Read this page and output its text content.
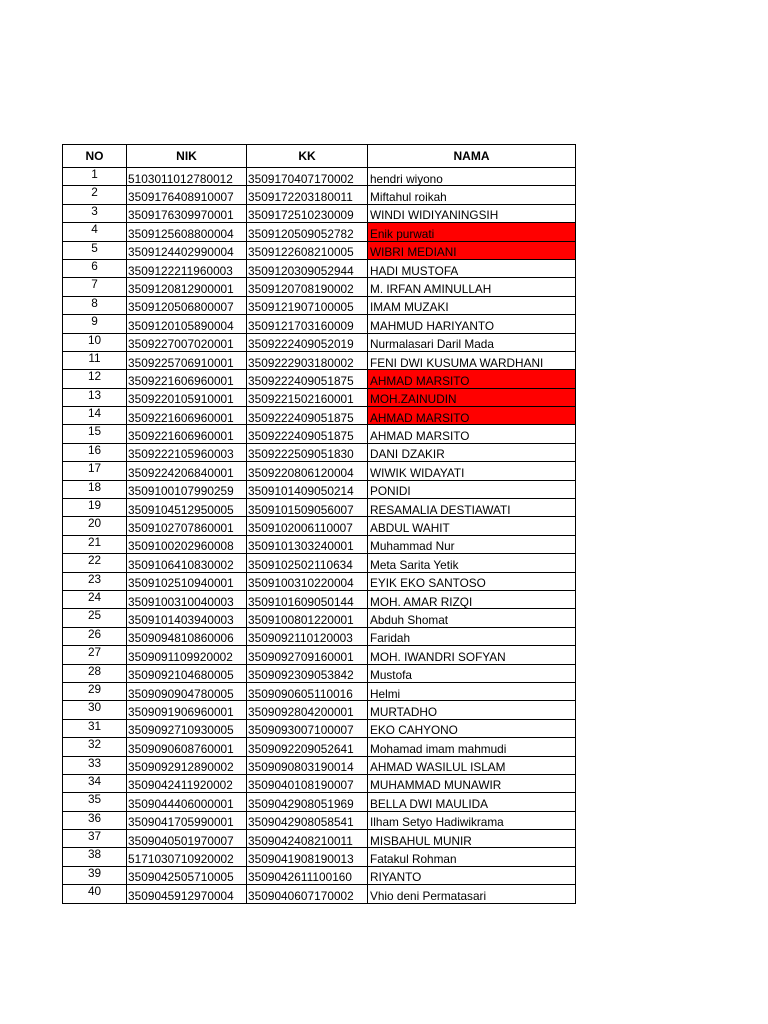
NO	NIK	KK	NAMA
1	5103011012780012	3509170407170002	hendri wiyono
2	3509176408910007	3509172203180011	Miftahul roikah
3	3509176309970001	3509172510230009	WINDI WIDIYANINGSIH
4	3509125608800004	3509120509052782	Enik purwati
5	3509124402990004	3509122608210005	WIBRI MEDIANI
6	3509122211960003	3509120309052944	HADI MUSTOFA
7	3509120812900001	3509120708190002	M. IRFAN AMINULLAH
8	3509120506800007	3509121907100005	IMAM MUZAKI
9	3509120105890004	3509121703160009	MAHMUD HARIYANTO
10	3509227007020001	3509222409052019	Nurmalasari Daril Mada
11	3509225706910001	3509222903180002	FENI DWI KUSUMA WARDHANI
12	3509221606960001	3509222409051875	AHMAD MARSITO
13	3509220105910001	3509221502160001	MOH.ZAINUDIN
14	3509221606960001	3509222409051875	AHMAD MARSITO
15	3509221606960001	3509222409051875	AHMAD MARSITO
16	3509222105960003	3509222509051830	DANI DZAKIR
17	3509224206840001	3509220806120004	WIWIK WIDAYATI
18	3509100107990259	3509101409050214	PONIDI
19	3509104512950005	3509101509056007	RESAMALIA DESTIAWATI
20	3509102707860001	3509102006110007	ABDUL WAHIT
21	3509100202960008	3509101303240001	Muhammad Nur
22	3509106410830002	3509102502110634	Meta Sarita Yetik
23	3509102510940001	3509100310220004	EYIK EKO SANTOSO
24	3509100310040003	3509101609050144	MOH. AMAR RIZQI
25	3509101403940003	3509100801220001	Abduh Shomat
26	3509094810860006	3509092110120003	Faridah
27	3509091109920002	3509092709160001	MOH. IWANDRI SOFYAN
28	3509092104680005	3509092309053842	Mustofa
29	3509090904780005	3509090605110016	Helmi
30	3509091906960001	3509092804200001	MURTADHO
31	3509092710930005	3509093007100007	EKO CAHYONO
32	3509090608760001	3509092209052641	Mohamad imam mahmudi
33	3509092912890002	3509090803190014	AHMAD WASILUL ISLAM
34	3509042411920002	3509040108190007	MUHAMMAD MUNAWIR
35	3509044406000001	3509042908051969	BELLA DWI MAULIDA
36	3509041705990001	3509042908058541	Ilham Setyo Hadiwikrama
37	3509040501970007	3509042408210011	MISBAHUL MUNIR
38	5171030710920002	3509041908190013	Fatakul Rohman
39	3509042505710005	3509042611100160	RIYANTO
40	3509045912970004	3509040607170002	Vhio deni Permatasari
